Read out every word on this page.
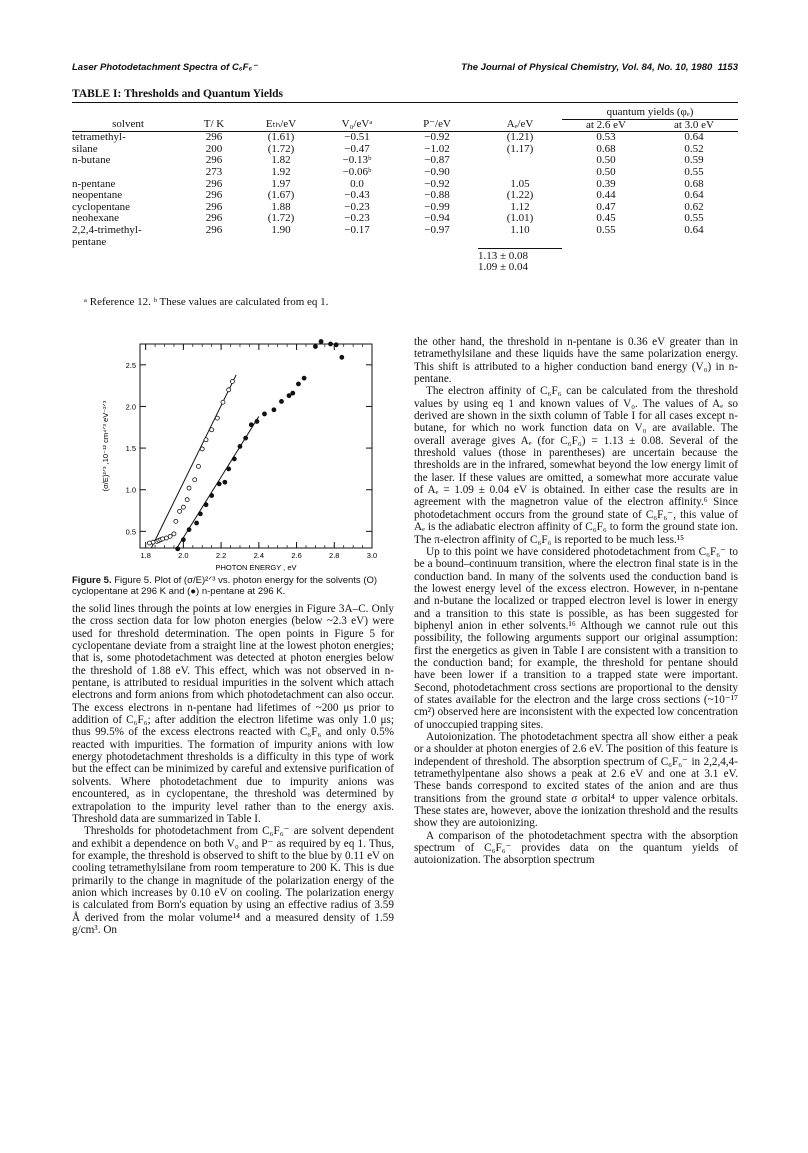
Laser Photodetachment Spectra of C₆F₆⁻	The Journal of Physical Chemistry, Vol. 84, No. 10, 1980 1153
TABLE I: Thresholds and Quantum Yields

						quantum yields (φₑ)	
solvent	T/ K	Eₜₕ/eV	V₀/eVᵃ	P⁻/eV	Aₑ/eV	at 2.6 eV	at 3.0 eV
tetramethyl-	296	(1.61)	−0.51	−0.92	(1.21)	0.53	0.64
silane	200	(1.72)	−0.47	−1.02	(1.17)	0.68	0.52
n-butane	296	1.82	−0.13ᵇ	−0.87		0.50	0.59
	273	1.92	−0.06ᵇ	−0.90		0.50	0.55
n-pentane	296	1.97	0.0	−0.92	1.05	0.39	0.68
neopentane	296	(1.67)	−0.43	−0.88	(1.22)	0.44	0.64
cyclopentane	296	1.88	−0.23	−0.99	1.12	0.47	0.62
neohexane	296	(1.72)	−0.23	−0.94	(1.01)	0.45	0.55
2,2,4-trimethyl-	296	1.90	−0.17	−0.97	1.10	0.55	0.64
pentane							
					1.13 ± 0.08		
					1.09 ± 0.04		
ᵃ Reference 12. ᵇ These values are calculated from eq 1.
1.8	2.0	2.2	2.4	2.6	2.8	3.0
0.5
1.0
1.5
2.0
2.5
PHOTON ENERGY , eV
(σ/E)²ᐟ³ ,10⁻¹² cm⁴ᐟ³ eV⁻²ᐟ³
Figure 5. Figure 5. Plot of (σ/E)²ᐟ³ vs. photon energy for the solvents (O) cyclopentane at 296 K and (●) n-pentane at 296 K.

the solid lines through the points at low energies in Figure 3A–C. Only the cross section data for low photon energies (below ~2.3 eV) were used for threshold determination. The open points in Figure 5 for cyclopentane deviate from a straight line at the lowest photon energies; that is, some photodetachment was detected at photon energies below the threshold of 1.88 eV. This effect, which was not observed in n-pentane, is attributed to residual impurities in the solvent which attach electrons and form anions from which photodetachment can also occur. The excess electrons in n-pentane had lifetimes of ~200 μs prior to addition of C₆F₆; after addition the electron lifetime was only 1.0 μs; thus 99.5% of the excess electrons reacted with C₆F₆ and only 0.5% reacted with impurities. The formation of impurity anions with low energy photodetachment thresholds is a difficulty in this type of work but the effect can be minimized by careful and extensive purification of solvents. Where photodetachment due to impurity anions was encountered, as in cyclopentane, the threshold was determined by extrapolation to the impurity level rather than to the energy axis. Threshold data are summarized in Table I.

Thresholds for photodetachment from C₆F₆⁻ are solvent dependent and exhibit a dependence on both V₀ and P⁻ as required by eq 1. Thus, for example, the threshold is observed to shift to the blue by 0.11 eV on cooling tetramethylsilane from room temperature to 200 K. This is due primarily to the change in magnitude of the polarization energy of the anion which increases by 0.10 eV on cooling. The polarization energy is calculated from Born's equation by using an effective radius of 3.59 Å derived from the molar volume¹⁴ and a measured density of 1.59 g/cm³. On

the other hand, the threshold in n-pentane is 0.36 eV greater than in tetramethylsilane and these liquids have the same polarization energy. This shift is attributed to a higher conduction band energy (V₀) in n-pentane.

The electron affinity of C₆F₆ can be calculated from the threshold values by using eq 1 and known values of V₀. The values of Aₑ so derived are shown in the sixth column of Table I for all cases except n-butane, for which no work function data on V₀ are available. The overall average gives Aₑ (for C₆F₆) = 1.13 ± 0.08. Several of the threshold values (those in parentheses) are uncertain because the thresholds are in the infrared, somewhat beyond the low energy limit of the laser. If these values are omitted, a somewhat more accurate value of Aₑ = 1.09 ± 0.04 eV is obtained. In either case the results are in agreement with the magnetron value of the electron affinity.⁶ Since photodetachment occurs from the ground state of C₆F₆⁻, this value of Aₑ is the adiabatic electron affinity of C₆F₆ to form the ground state ion. The π-electron affinity of C₆F₆ is reported to be much less.¹⁵

Up to this point we have considered photodetachment from C₆F₆⁻ to be a bound–continuum transition, where the electron final state is in the conduction band. In many of the solvents used the conduction band is the lowest energy level of the excess electron. However, in n-pentane and n-butane the localized or trapped electron level is lower in energy and a transition to this state is possible, as has been suggested for biphenyl anion in ether solvents.¹⁶ Although we cannot rule out this possibility, the following arguments support our original assumption: first the energetics as given in Table I are consistent with a transition to the conduction band; for example, the threshold for pentane should have been lower if a transition to a trapped state were important. Second, photodetachment cross sections are proportional to the density of states available for the electron and the large cross sections (~10⁻¹⁷ cm²) observed here are inconsistent with the expected low concentration of unoccupied trapping sites.

Autoionization. The photodetachment spectra all show either a peak or a shoulder at photon energies of 2.6 eV. The position of this feature is independent of threshold. The absorption spectrum of C₆F₆⁻ in 2,2,4,4-tetramethylpentane also shows a peak at 2.6 eV and one at 3.1 eV. These bands correspond to excited states of the anion and are thus transitions from the ground state σ orbital⁴ to upper valence orbitals. These states are, however, above the ionization threshold and the results show they are autoionizing.

A comparison of the photodetachment spectra with the absorption spectrum of C₆F₆⁻ provides data on the quantum yields of autoionization. The absorption spectrum
